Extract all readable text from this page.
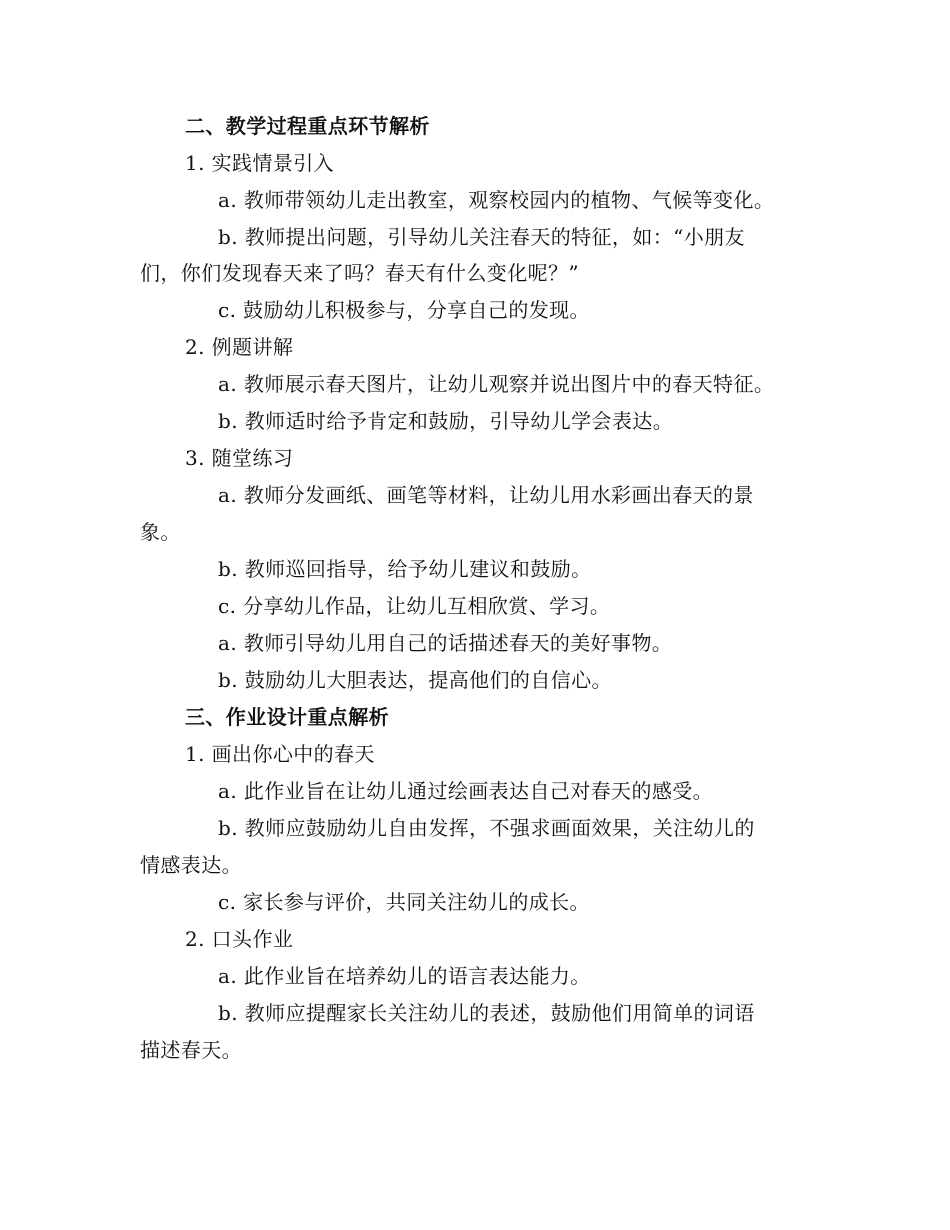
二、教学过程重点环节解析
1. 实践情景引入
a. 教师带领幼儿走出教室，观察校园内的植物、气候等变化。
b. 教师提出问题，引导幼儿关注春天的特征，如：“小朋友
们，你们发现春天来了吗？春天有什么变化呢？”
c. 鼓励幼儿积极参与，分享自己的发现。
2. 例题讲解
a. 教师展示春天图片，让幼儿观察并说出图片中的春天特征。
b. 教师适时给予肯定和鼓励，引导幼儿学会表达。
3. 随堂练习
a. 教师分发画纸、画笔等材料，让幼儿用水彩画出春天的景
象。
b. 教师巡回指导，给予幼儿建议和鼓励。
c. 分享幼儿作品，让幼儿互相欣赏、学习。
a. 教师引导幼儿用自己的话描述春天的美好事物。
b. 鼓励幼儿大胆表达，提高他们的自信心。
三、作业设计重点解析
1. 画出你心中的春天
a. 此作业旨在让幼儿通过绘画表达自己对春天的感受。
b. 教师应鼓励幼儿自由发挥，不强求画面效果，关注幼儿的
情感表达。
c. 家长参与评价，共同关注幼儿的成长。
2. 口头作业
a. 此作业旨在培养幼儿的语言表达能力。
b. 教师应提醒家长关注幼儿的表述，鼓励他们用简单的词语
描述春天。
